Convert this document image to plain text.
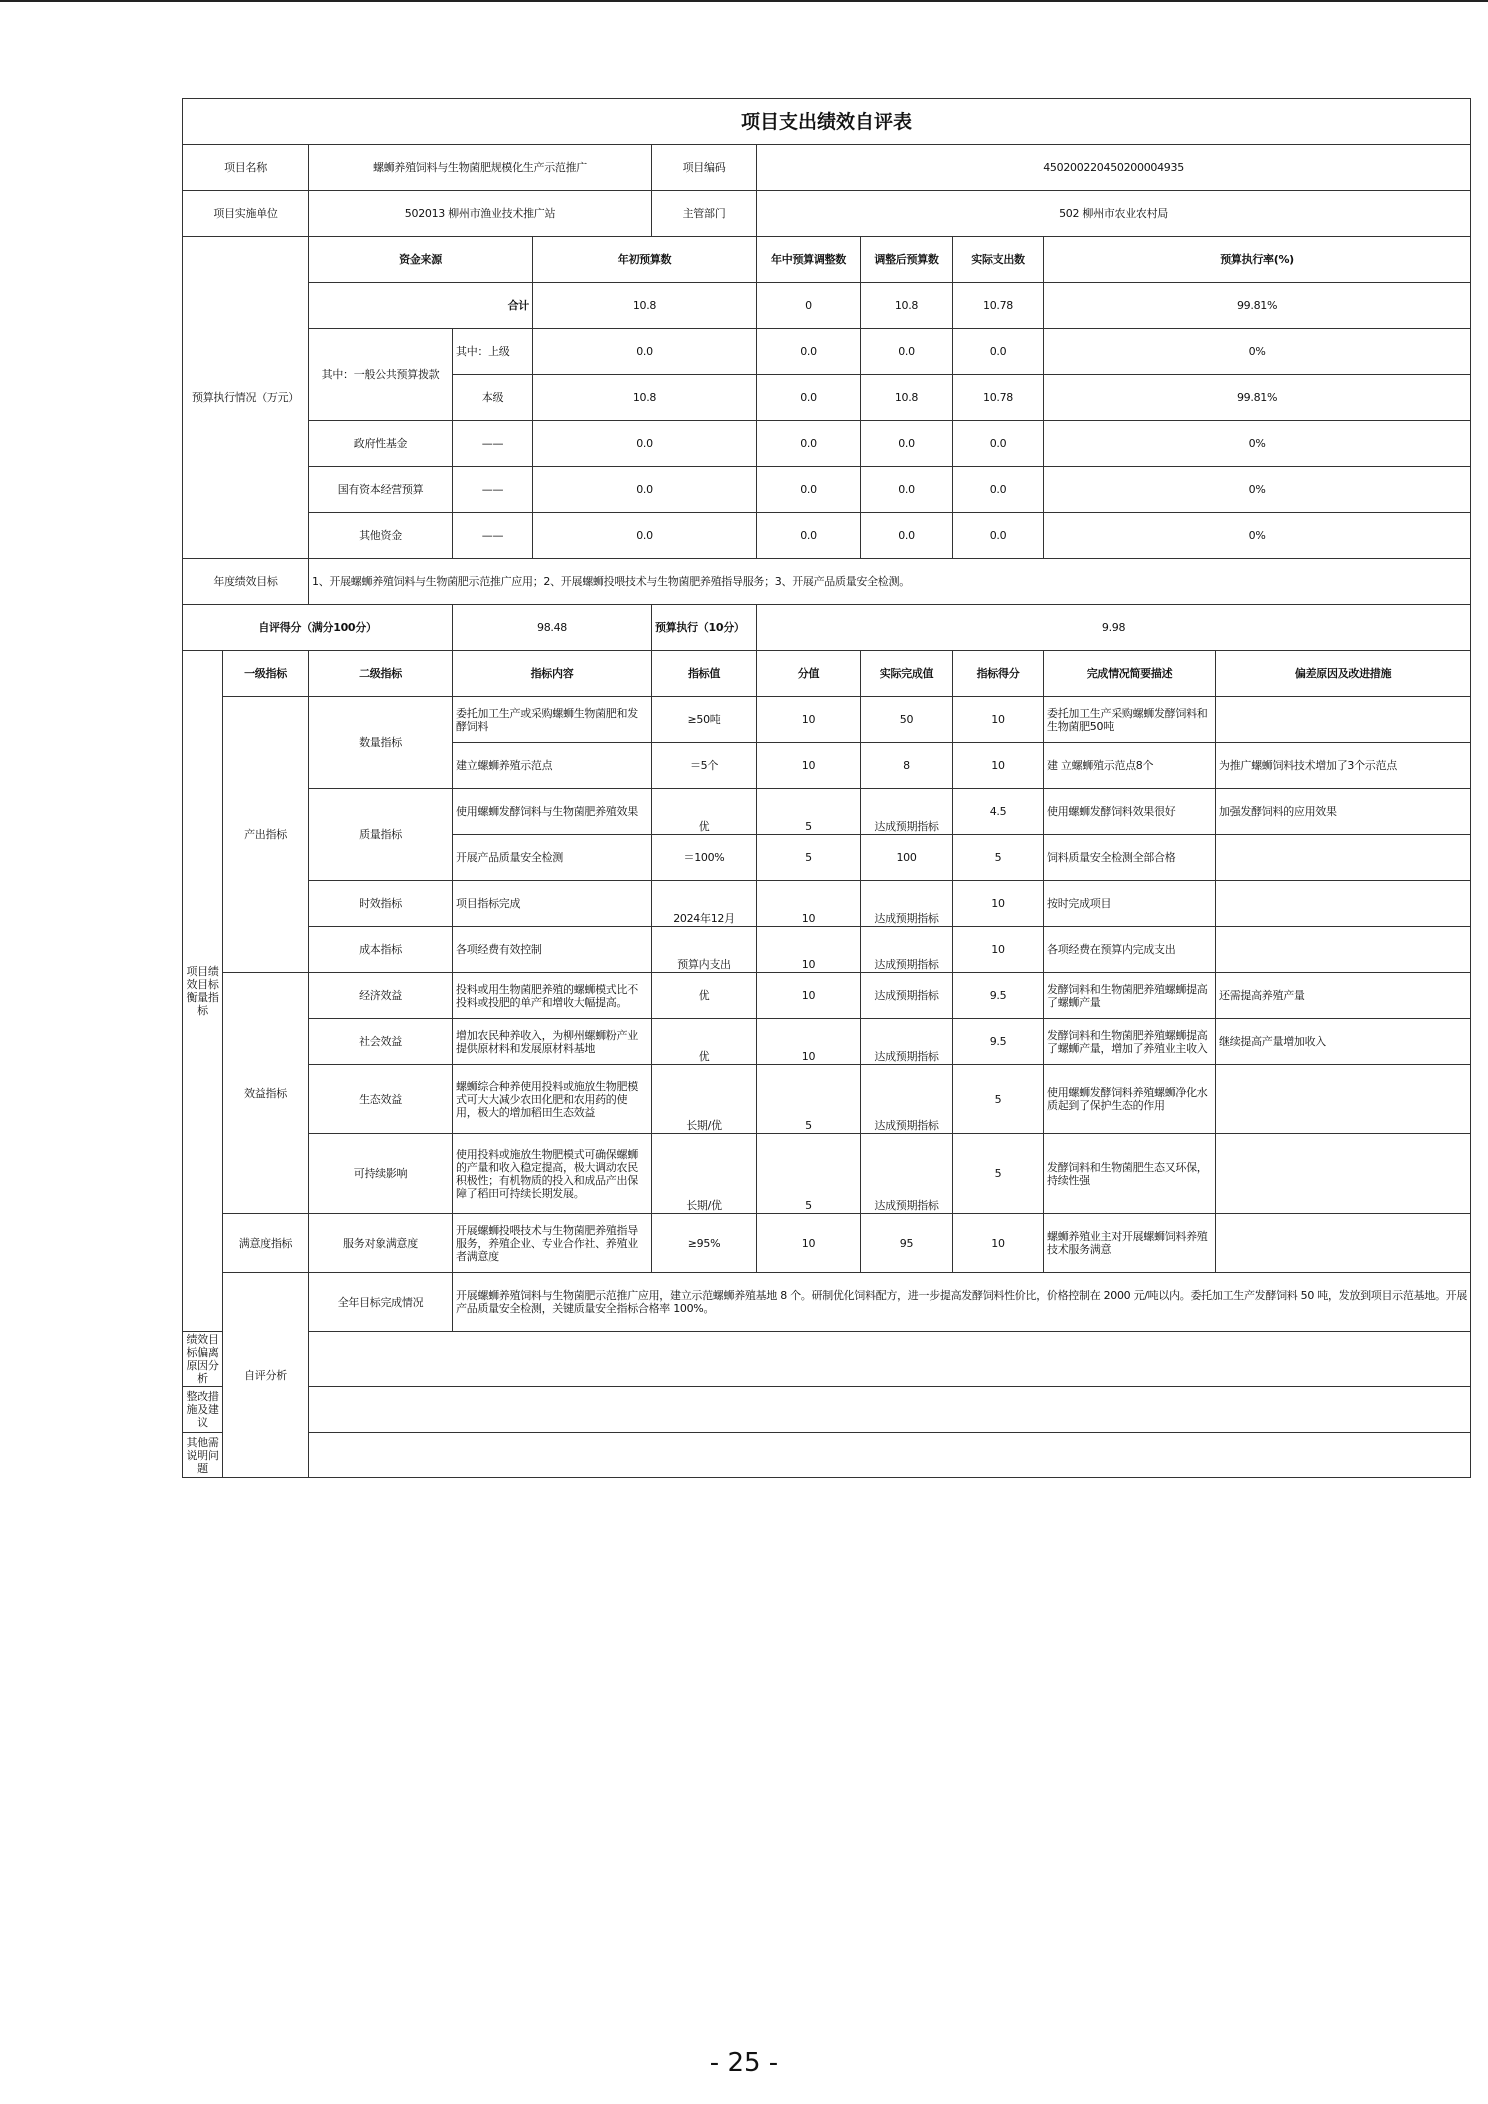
项目支出绩效自评表										
项目名称		螺蛳养殖饲料与生物菌肥规模化生产示范推广			项目编码	450200220450200004935				
项目实施单位		502013 柳州市渔业技术推广站			主管部门	502 柳州市农业农村局				
预算执行情况（万元）		资金来源		年初预算数		年中预算调整数	调整后预算数	实际支出数	预算执行率(%)	
		合计		10.8		0	10.8	10.78	99.81%	
		其中：一般公共预算拨款	其中：上级	0.0		0.0	0.0	0.0	0%	
			本级	10.8		0.0	10.8	10.78	99.81%	
		政府性基金	——	0.0		0.0	0.0	0.0	0%	
		国有资本经营预算	——	0.0		0.0	0.0	0.0	0%	
		其他资金	——	0.0		0.0	0.0	0.0	0%	
年度绩效目标		1、开展螺蛳养殖饲料与生物菌肥示范推广应用；2、开展螺蛳投喂技术与生物菌肥养殖指导服务；3、开展产品质量安全检测。								
自评得分（满分100分）			98.48		预算执行（10分）	9.98				
项目绩效目标衡量指标	一级指标	二级指标	指标内容		指标值	分值	实际完成值	指标得分	完成情况简要描述	偏差原因及改进措施
	产出指标	数量指标	委托加工生产或采购螺蛳生物菌肥和发酵饲料		≥50吨	10	50	10	委托加工生产采购螺蛳发酵饲料和生物菌肥50吨	
			建立螺蛳养殖示范点		＝5个	10	8	10	建 立螺蛳殖示范点8个	为推广螺蛳饲料技术增加了3个示范点
		质量指标	使用螺蛳发酵饲料与生物菌肥养殖效果		优	5	达成预期指标	4.5	使用螺蛳发酵饲料效果很好	加强发酵饲料的应用效果
			开展产品质量安全检测		＝100%	5	100	5	饲料质量安全检测全部合格	
		时效指标	项目指标完成		2024年12月	10	达成预期指标	10	按时完成项目	
		成本指标	各项经费有效控制		预算内支出	10	达成预期指标	10	各项经费在预算内完成支出	
	效益指标	经济效益	投料或用生物菌肥养殖的螺蛳模式比不投料或投肥的单产和增收大幅提高。		优	10	达成预期指标	9.5	发酵饲料和生物菌肥养殖螺蛳提高了螺蛳产量	还需提高养殖产量
		社会效益	增加农民种养收入，为柳州螺蛳粉产业提供原材料和发展原材料基地		优	10	达成预期指标	9.5	发酵饲料和生物菌肥养殖螺蛳提高了螺蛳产量，增加了养殖业主收入	继续提高产量增加收入
		生态效益	螺蛳综合种养使用投料或施放生物肥模式可大大减少农田化肥和农用药的使用，极大的增加稻田生态效益		长期/优	5	达成预期指标	5	使用螺蛳发酵饲料养殖螺蛳净化水质起到了保护生态的作用	
		可持续影响	使用投料或施放生物肥模式可确保螺蛳的产量和收入稳定提高，极大调动农民积极性；有机物质的投入和成品产出保障了稻田可持续长期发展。		长期/优	5	达成预期指标	5	发酵饲料和生物菌肥生态又环保，持续性强	
	满意度指标	服务对象满意度	开展螺蛳投喂技术与生物菌肥养殖指导服务，养殖企业、专业合作社、养殖业者满意度		≥95%	10	95	10	螺蛳养殖业主对开展螺蛳饲料养殖技术服务满意	
	自评分析	全年目标完成情况	开展螺蛳养殖饲料与生物菌肥示范推广应用，建立示范螺蛳养殖基地 8 个。研制优化饲料配方，进一步提高发酵饲料性价比，价格控制在 2000 元/吨以内。委托加工生产发酵饲料 50 吨，发放到项目示范基地。开展产品质量安全检测，关键质量安全指标合格率 100%。							
绩效目标偏离原因分析										
整改措施及建议										
其他需说明问题										
- 25 -
